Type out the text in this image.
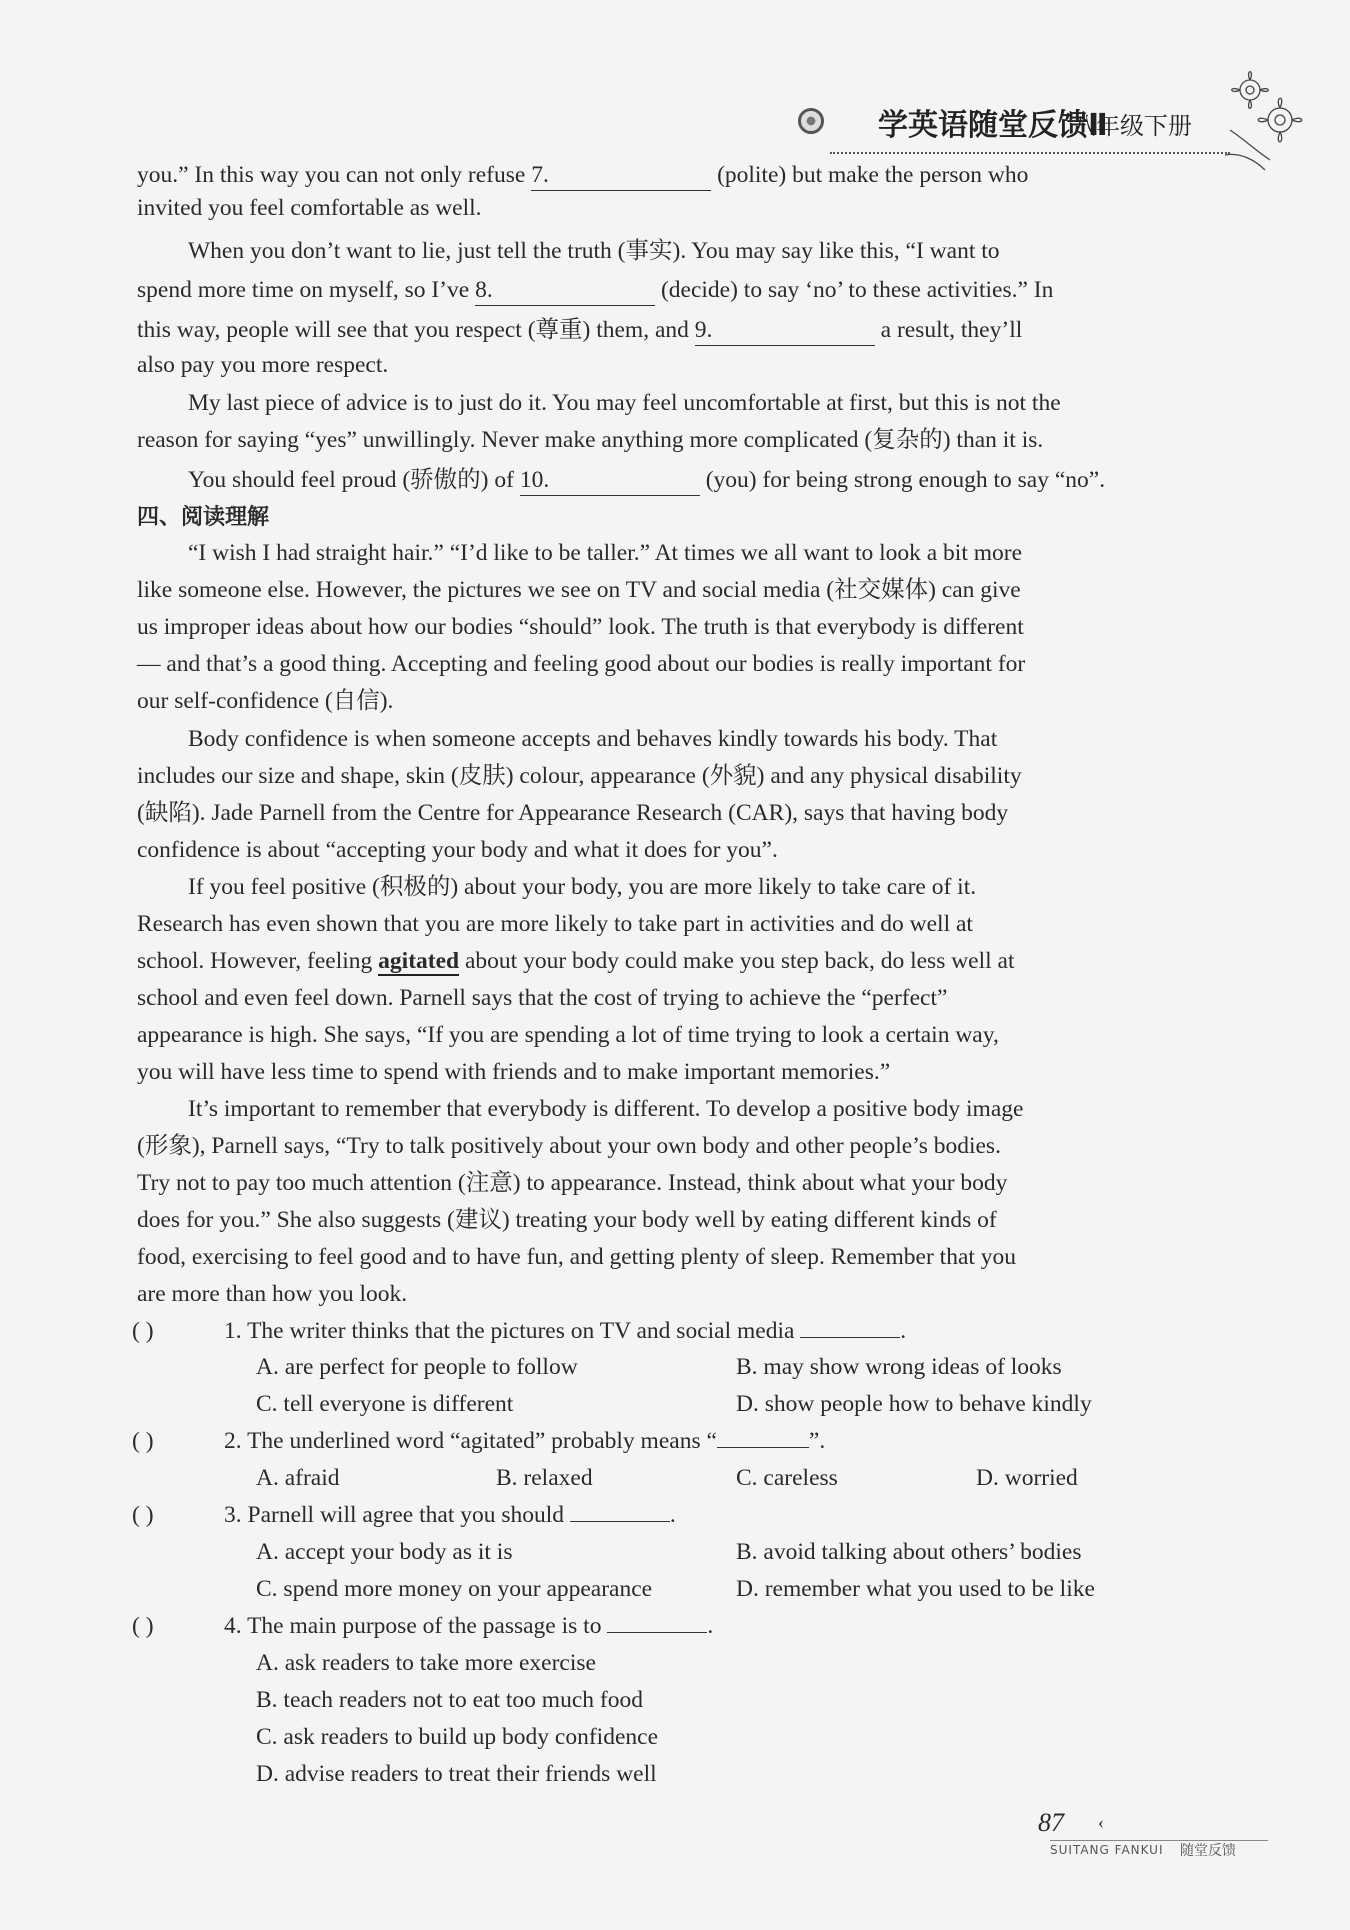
学英语随堂反馈Ⅱ
八年级下册
you.” In this way you can not only refuse 7.	(polite) but make the person who
invited you feel comfortable as well.
When you don’t want to lie, just tell the truth (事实). You may say like this, “I want to
spend more time on myself, so I’ve 8.	(decide) to say ‘no’ to these activities.” In
this way, people will see that you respect (尊重) them, and 9.	a result, they’ll
also pay you more respect.
My last piece of advice is to just do it. You may feel uncomfortable at first, but this is not the
reason for saying “yes” unwillingly. Never make anything more complicated (复杂的) than it is.
You should feel proud (骄傲的) of 10.	(you) for being strong enough to say “no”.
四、阅读理解
“I wish I had straight hair.” “I’d like to be taller.” At times we all want to look a bit more
like someone else. However, the pictures we see on TV and social media (社交媒体) can give
us improper ideas about how our bodies “should” look. The truth is that everybody is different
— and that’s a good thing. Accepting and feeling good about our bodies is really important for
our self-confidence (自信).
Body confidence is when someone accepts and behaves kindly towards his body. That
includes our size and shape, skin (皮肤) colour, appearance (外貌) and any physical disability
(缺陷). Jade Parnell from the Centre for Appearance Research (CAR), says that having body
confidence is about “accepting your body and what it does for you”.
If you feel positive (积极的) about your body, you are more likely to take care of it.
Research has even shown that you are more likely to take part in activities and do well at
school. However, feeling agitated about your body could make you step back, do less well at
school and even feel down. Parnell says that the cost of trying to achieve the “perfect”
appearance is high. She says, “If you are spending a lot of time trying to look a certain way,
you will have less time to spend with friends and to make important memories.”
It’s important to remember that everybody is different. To develop a positive body image
(形象), Parnell says, “Try to talk positively about your own body and other people’s bodies.
Try not to pay too much attention (注意) to appearance. Instead, think about what your body
does for you.” She also suggests (建议) treating your body well by eating different kinds of
food, exercising to feel good and to have fun, and getting plenty of sleep. Remember that you
are more than how you look.
( )	1. The writer thinks that the pictures on TV and social media	.
A. are perfect for people to follow	B. may show wrong ideas of looks
C. tell everyone is different	D. show people how to behave kindly
( )	2. The underlined word “agitated” probably means “	”.
A. afraid	B. relaxed	C. careless	D. worried
( )	3. Parnell will agree that you should	.
A. accept your body as it is	B. avoid talking about others’ bodies
C. spend more money on your appearance	D. remember what you used to be like
( )	4. The main purpose of the passage is to	.
A. ask readers to take more exercise
B. teach readers not to eat too much food
C. ask readers to build up body confidence
D. advise readers to treat their friends well
87 ‹
SUITANG FANKUI 随堂反馈
